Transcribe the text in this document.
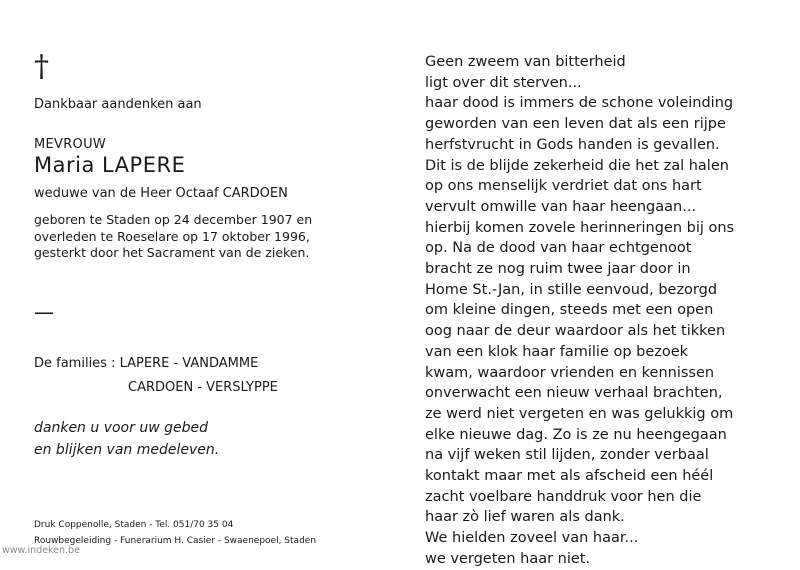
†
Dankbaar aandenken aan
MEVROUW
Maria LAPERE
weduwe van de Heer Octaaf CARDOEN
geboren te Staden op 24 december 1907 en
overleden te Roeselare op 17 oktober 1996,
gesterkt door het Sacrament van de zieken.
—
De families : LAPERE - VANDAMME
CARDOEN - VERSLYPPE
danken u voor uw gebed
en blijken van medeleven.
Druk Coppenolle, Staden - Tel. 051/70 35 04
Rouwbegeleiding - Funerarium H. Casier - Swaenepoel, Staden
www.indeken.be
Geen zweem van bitterheid
ligt over dit sterven...
haar dood is immers de schone voleinding
geworden van een leven dat als een rijpe
herfstvrucht in Gods handen is gevallen.
Dit is de blijde zekerheid die het zal halen
op ons menselijk verdriet dat ons hart
vervult omwille van haar heengaan...
hierbij komen zovele herinneringen bij ons
op. Na de dood van haar echtgenoot
bracht ze nog ruim twee jaar door in
Home St.-Jan, in stille eenvoud, bezorgd
om kleine dingen, steeds met een open
oog naar de deur waardoor als het tikken
van een klok haar familie op bezoek
kwam, waardoor vrienden en kennissen
onverwacht een nieuw verhaal brachten,
ze werd niet vergeten en was gelukkig om
elke nieuwe dag. Zo is ze nu heengegaan
na vijf weken stil lijden, zonder verbaal
kontakt maar met als afscheid een héél
zacht voelbare handdruk voor hen die
haar zò lief waren als dank.
We hielden zoveel van haar...
we vergeten haar niet.
